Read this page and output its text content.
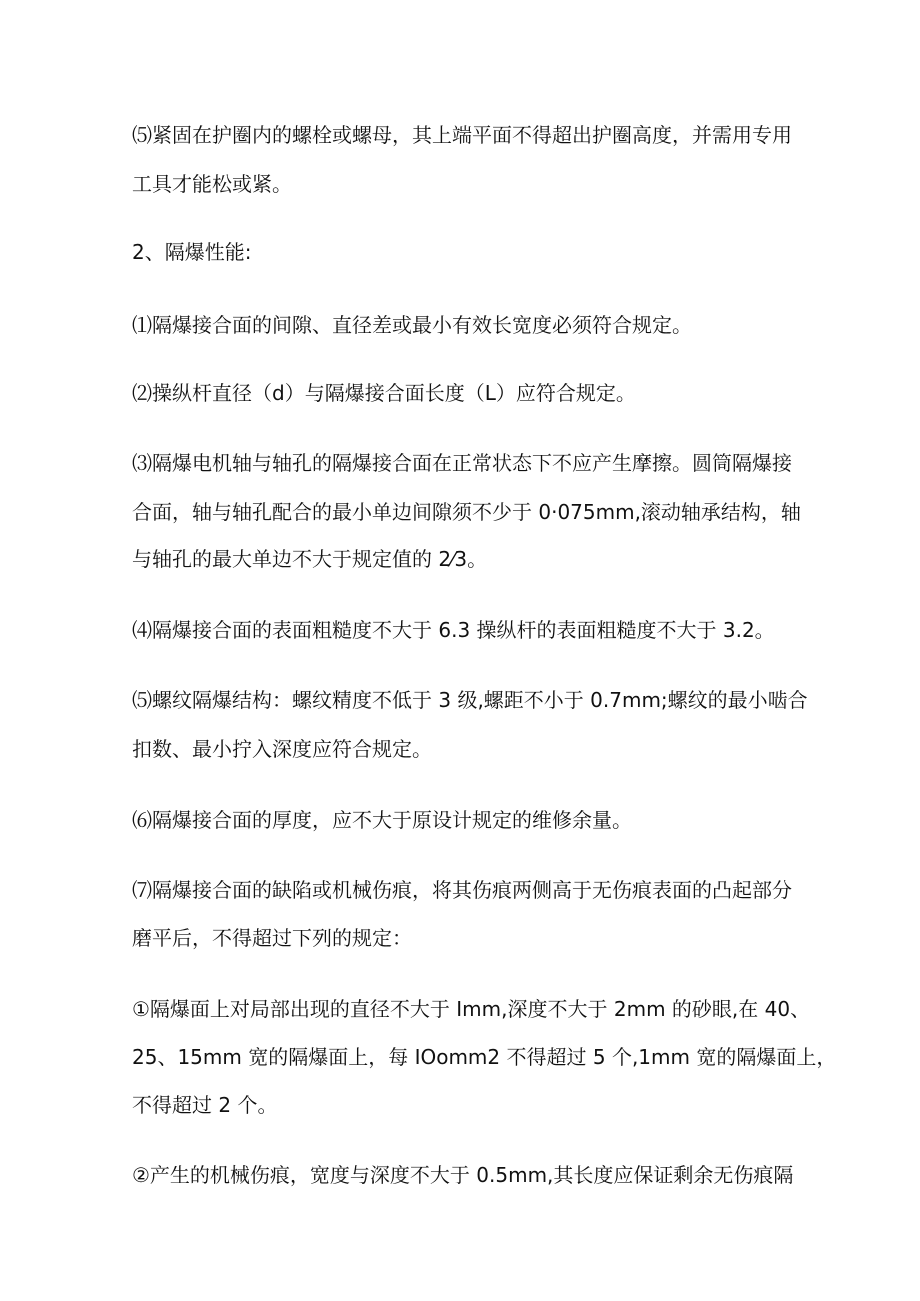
⑸紧固在护圈内的螺栓或螺母，其上端平面不得超出护圈高度，并需用专用

工具才能松或紧。

2、隔爆性能:

⑴隔爆接合面的间隙、直径差或最小有效长宽度必须符合规定。

⑵操纵杆直径（d）与隔爆接合面长度（L）应符合规定。

⑶隔爆电机轴与轴孔的隔爆接合面在正常状态下不应产生摩擦。圆筒隔爆接

合面，轴与轴孔配合的最小单边间隙须不少于 0·075mm,滚动轴承结构，轴

与轴孔的最大单边不大于规定值的 2⁄3。

⑷隔爆接合面的表面粗糙度不大于 6.3 操纵杆的表面粗糙度不大于 3.2。

⑸螺纹隔爆结构：螺纹精度不低于 3 级,螺距不小于 0.7mm;螺纹的最小啮合

扣数、最小拧入深度应符合规定。

⑹隔爆接合面的厚度，应不大于原设计规定的维修余量。

⑺隔爆接合面的缺陷或机械伤痕，将其伤痕两侧高于无伤痕表面的凸起部分

磨平后，不得超过下列的规定：

①隔爆面上对局部出现的直径不大于 Imm,深度不大于 2mm 的砂眼,在 40、

25、15mm 宽的隔爆面上，每 IOomm2 不得超过 5 个,1mm 宽的隔爆面上，

不得超过 2 个。

②产生的机械伤痕，宽度与深度不大于 0.5mm,其长度应保证剩余无伤痕隔
